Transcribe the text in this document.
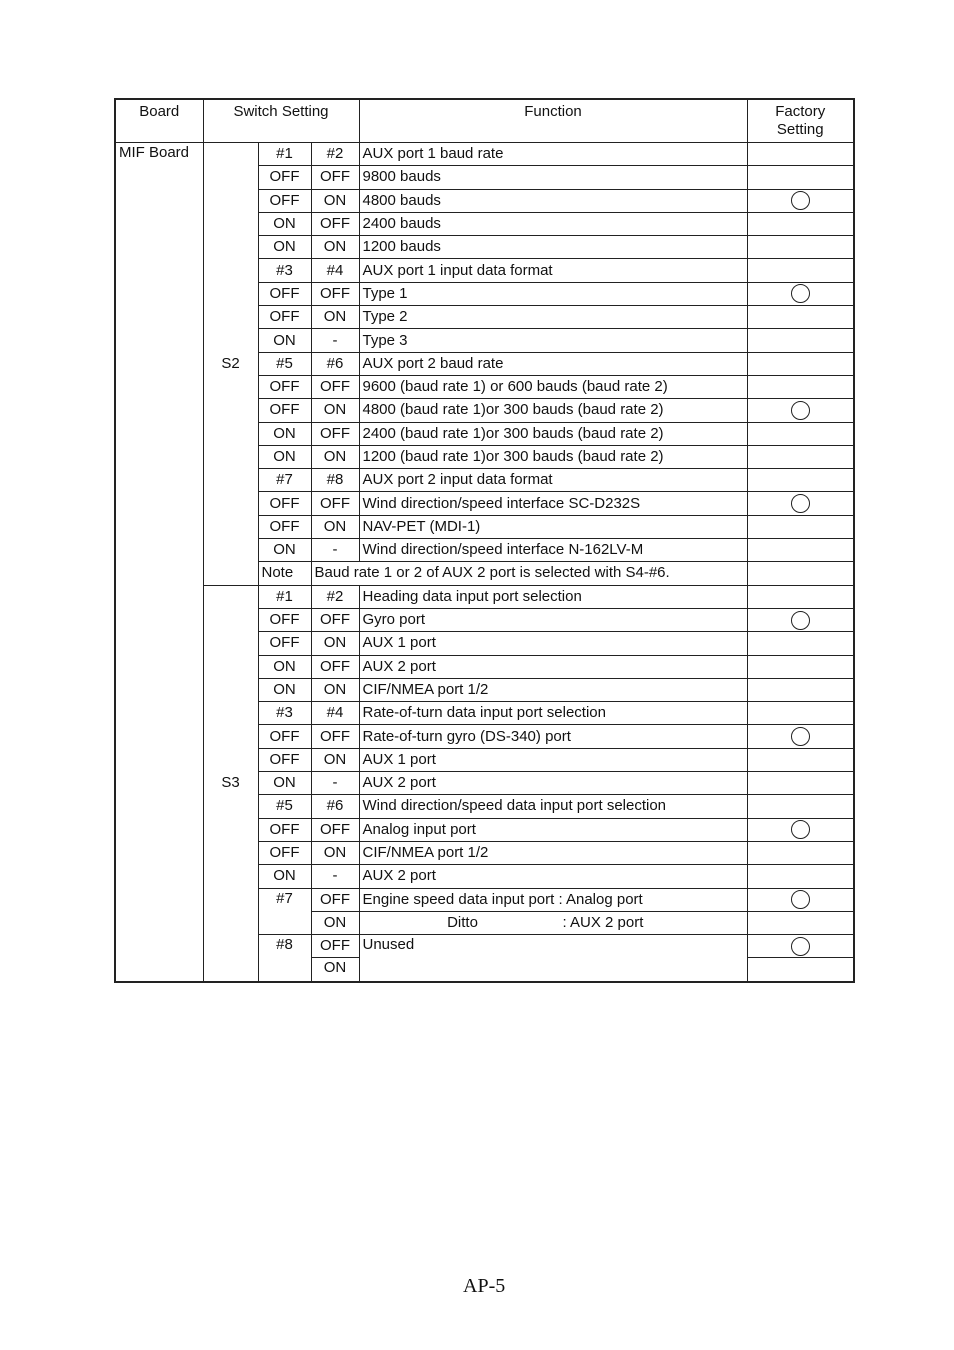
Board	Switch Setting			Function	Factory
Setting
MIF Board	S2	#1	#2	AUX port 1 baud rate	
		OFF	OFF	9800 bauds	
		OFF	ON	4800 bauds	
		ON	OFF	2400 bauds	
		ON	ON	1200 bauds	
		#3	#4	AUX port 1 input data format	
		OFF	OFF	Type 1	
		OFF	ON	Type 2	
		ON	-	Type 3	
		#5	#6	AUX port 2 baud rate	
		OFF	OFF	9600 (baud rate 1) or 600 bauds (baud rate 2)	
		OFF	ON	4800 (baud rate 1)or 300 bauds (baud rate 2)	
		ON	OFF	2400 (baud rate 1)or 300 bauds (baud rate 2)	
		ON	ON	1200 (baud rate 1)or 300 bauds (baud rate 2)	
		#7	#8	AUX port 2 input data format	
		OFF	OFF	Wind direction/speed interface SC-D232S	
		OFF	ON	NAV-PET (MDI-1)	
		ON	-	Wind direction/speed interface N-162LV-M	
		Note	Baud rate 1 or 2 of AUX 2 port is selected with S4-#6.		
	S3	#1	#2	Heading data input port selection	
		OFF	OFF	Gyro port	
		OFF	ON	AUX 1 port	
		ON	OFF	AUX 2 port	
		ON	ON	CIF/NMEA port 1/2	
		#3	#4	Rate-of-turn data input port selection	
		OFF	OFF	Rate-of-turn gyro (DS-340) port	
		OFF	ON	AUX 1 port	
		ON	-	AUX 2 port	
		#5	#6	Wind direction/speed data input port selection	
		OFF	OFF	Analog input port	
		OFF	ON	CIF/NMEA port 1/2	
		ON	-	AUX 2 port	
		#7	OFF	Engine speed data input port : Analog port	
			ON	Ditto : AUX 2 port	
		#8	OFF	Unused	
			ON		
AP-5
